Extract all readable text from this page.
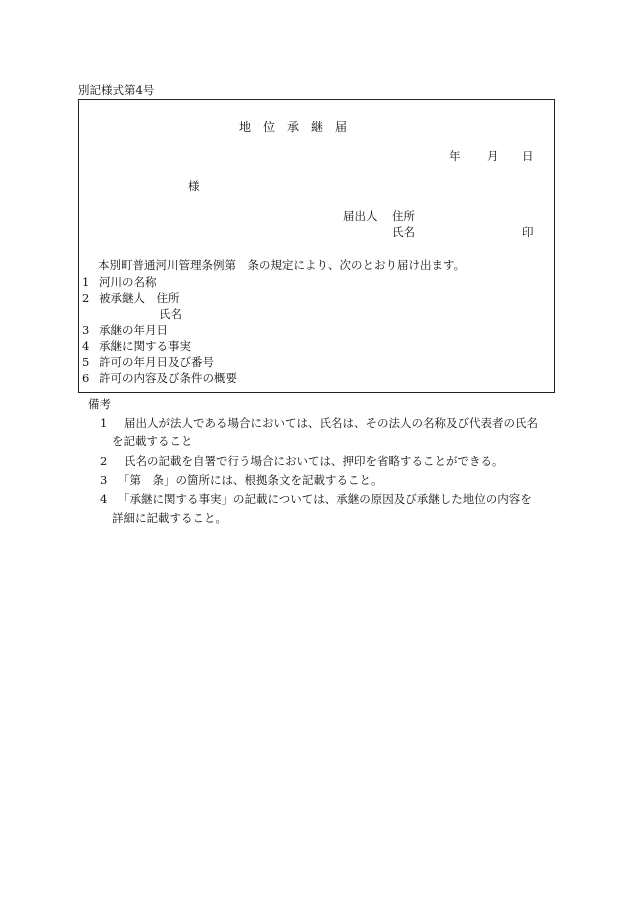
別記様式第4号
地　位　承　継　届
年 月 日
様
届出人 住所
氏名	印
本別町普通河川管理条例第　条の規定により、次のとおり届け出ます。
1 河川の名称
2 被承継人　住所
氏名
3 承継の年月日
4 承継に関する事実
5 許可の年月日及び番号
6 許可の内容及び条件の概要
備考
1 届出人が法人である場合においては、氏名は、その法人の名称及び代表者の氏名
を記載すること
2 氏名の記載を自署で行う場合においては、押印を省略することができる。
3 「第　条」の箇所には、根拠条文を記載すること。
4 「承継に関する事実」の記載については、承継の原因及び承継した地位の内容を
詳細に記載すること。
